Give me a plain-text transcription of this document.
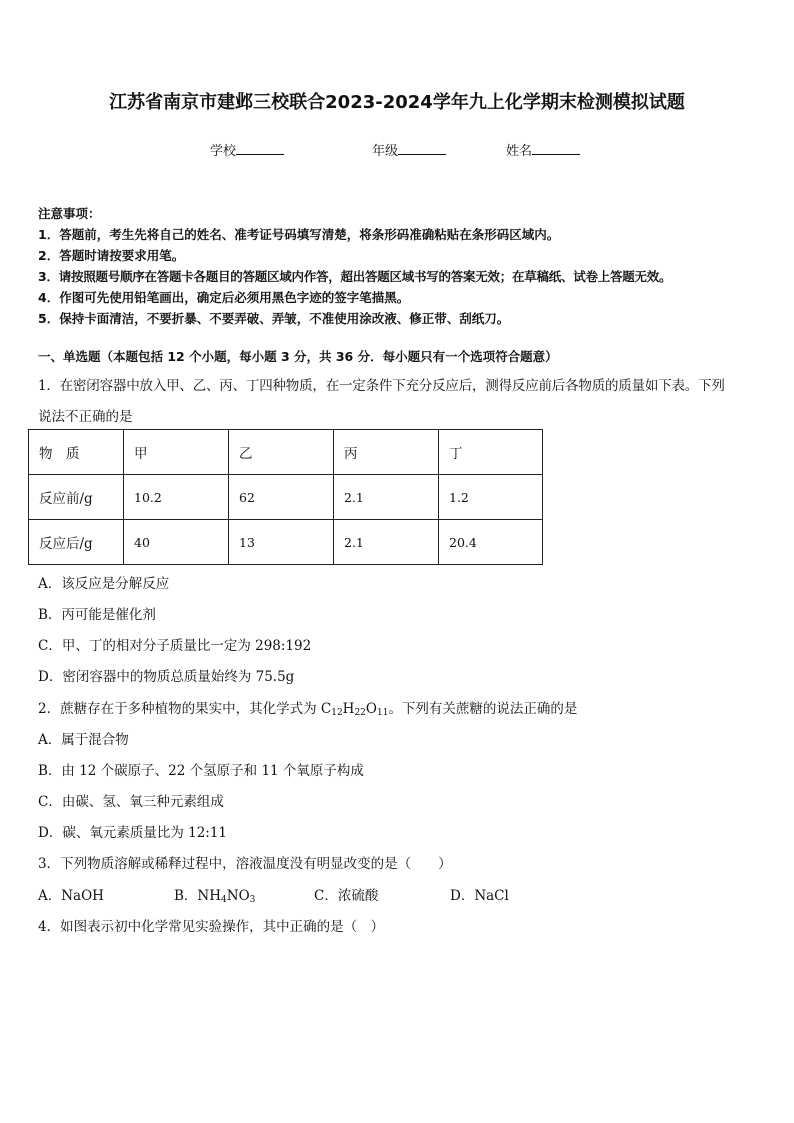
江苏省南京市建邺三校联合2023-2024学年九上化学期末检测模拟试题
学校	年级	姓名
注意事项：
1．答题前，考生先将自己的姓名、准考证号码填写清楚，将条形码准确粘贴在条形码区域内。
2．答题时请按要求用笔。
3．请按照题号顺序在答题卡各题目的答题区域内作答，超出答题区域书写的答案无效；在草稿纸、试卷上答题无效。
4．作图可先使用铅笔画出，确定后必须用黑色字迹的签字笔描黑。
5．保持卡面清洁，不要折暴、不要弄破、弄皱，不准使用涂改液、修正带、刮纸刀。
一、单选题（本题包括 12 个小题，每小题 3 分，共 36 分．每小题只有一个选项符合题意）
1．在密闭容器中放入甲、乙、丙、丁四种物质，在一定条件下充分反应后，测得反应前后各物质的质量如下表。下列
说法不正确的是
物　质	甲	乙	丙	丁
反应前/g	10.2	62	2.1	1.2
反应后/g	40	13	2.1	20.4
A．该反应是分解反应
B．丙可能是催化剂
C．甲、丁的相对分子质量比一定为 298:192
D．密闭容器中的物质总质量始终为 75.5g
2．蔗糖存在于多种植物的果实中，其化学式为 $C_{12}H_{22}O_{11}$。下列有关蔗糖的说法正确的是
A．属于混合物
B．由 12 个碳原子、22 个氢原子和 11 个氧原子构成
C．由碳、氢、氧三种元素组成
D．碳、氧元素质量比为 12:11
3．下列物质溶解或稀释过程中，溶液温度没有明显改变的是（　　）
A．NaOH	B．$NH_4NO_3$	C．浓硫酸	D．NaCl
4．如图表示初中化学常见实验操作，其中正确的是（　）
